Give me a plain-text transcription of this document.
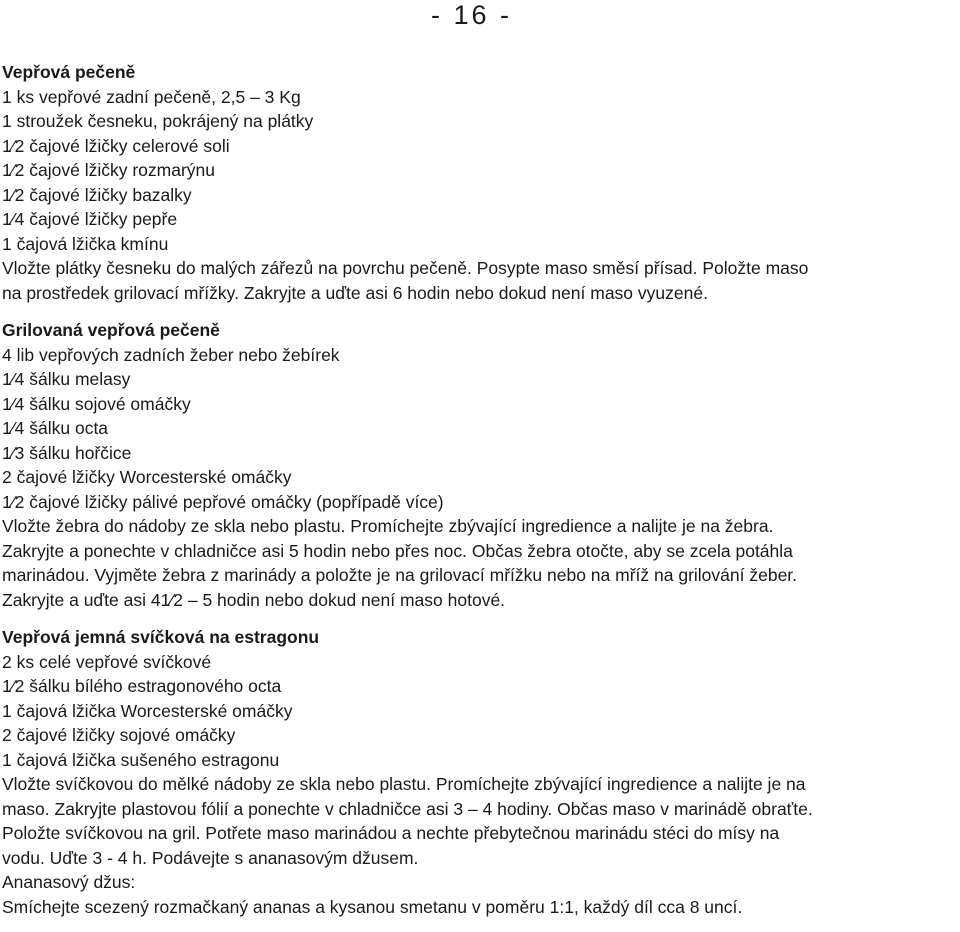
- 16 -
Vepřová pečeně
1 ks vepřové zadní pečeně, 2,5 – 3 Kg
1 stroužek česneku, pokrájený na plátky
1⁄2 čajové lžičky celerové soli
1⁄2 čajové lžičky rozmarýnu
1⁄2 čajové lžičky bazalky
1⁄4 čajové lžičky pepře
1 čajová lžička kmínu
Vložte plátky česneku do malých zářezů na povrchu pečeně. Posypte maso směsí přísad. Položte maso
na prostředek grilovací mřížky. Zakryjte a uďte asi 6 hodin nebo dokud není maso vyuzené.
Grilovaná vepřová pečeně
4 lib vepřových zadních žeber nebo žebírek
1⁄4 šálku melasy
1⁄4 šálku sojové omáčky
1⁄4 šálku octa
1⁄3 šálku hořčice
2 čajové lžičky Worcesterské omáčky
1⁄2 čajové lžičky pálivé pepřové omáčky (popřípadě více)
Vložte žebra do nádoby ze skla nebo plastu. Promíchejte zbývající ingredience a nalijte je na žebra.
Zakryjte a ponechte v chladničce asi 5 hodin nebo přes noc. Občas žebra otočte, aby se zcela potáhla
marinádou. Vyjměte žebra z marinády a položte je na grilovací mřížku nebo na mříž na grilování žeber.
Zakryjte a uďte asi 41⁄2 – 5 hodin nebo dokud není maso hotové.
Vepřová jemná svíčková na estragonu
2 ks celé vepřové svíčkové
1⁄2 šálku bílého estragonového octa
1 čajová lžička Worcesterské omáčky
2 čajové lžičky sojové omáčky
1 čajová lžička sušeného estragonu
Vložte svíčkovou do mělké nádoby ze skla nebo plastu. Promíchejte zbývající ingredience a nalijte je na
maso. Zakryjte plastovou fólií a ponechte v chladničce asi 3 – 4 hodiny. Občas maso v marinádě obraťte.
Položte svíčkovou na gril. Potřete maso marinádou a nechte přebytečnou marinádu stéci do mísy na
vodu. Uďte 3 - 4 h. Podávejte s ananasovým džusem.
Ananasový džus:
Smíchejte scezený rozmačkaný ananas a kysanou smetanu v poměru 1:1, každý díl cca 8 uncí.
